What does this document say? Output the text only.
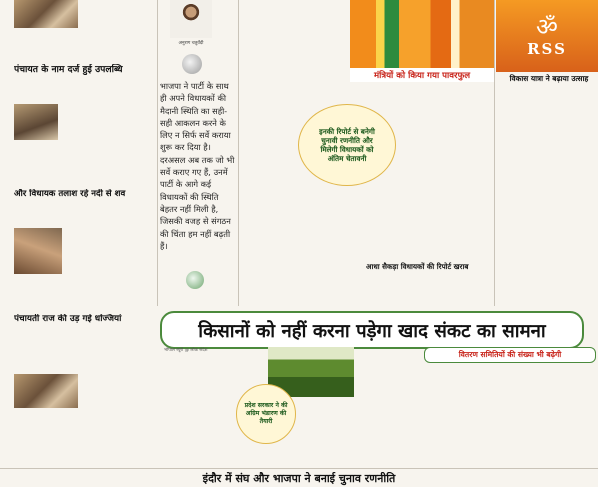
पंचायत के नाम दर्ज हुई उपलब्धि
और विधायक तलाश रहे नदी से शव
पंचायती राज की उड़ गई धज्जियां
अनुराग चतुर्वेदी
भाजपा ने पार्टी के साथ ही अपने विधायकों की मैदानी स्थिति का सही-सही आकलन करने के लिए न सिर्फ सर्वे कराया शुरू कर दिया है। दरअसल अब तक जो भी सर्वे कराए गए हैं, उनमें पार्टी के आगे कई विधायकों की स्थिति बेहतर नहीं मिली है, जिसकी वजह से संगठन की चिंता हम नहीं बढ़ती हैं।
इनकी रिपोर्ट से बनेगी चुनावी रणनीति और मिलेगी विधायकों को अंतिम चेतावनी
आधा सैकड़ा विधायकों की रिपोर्ट खराब
मंत्रियों को किया गया पावरफुल
ॐ
RSS
विकास यात्रा ने बढ़ाया उत्साह
किसानों को नहीं करना पड़ेगा खाद संकट का सामना
भोपाल ब्यूरो @ लोक संदेश
प्रदेश सरकार ने की अग्रिम भंडारण की तैयारी
वितरण समितियों की संख्या भी बढ़ेगी
इंदौर में संघ और भाजपा ने बनाई चुनाव रणनीति
